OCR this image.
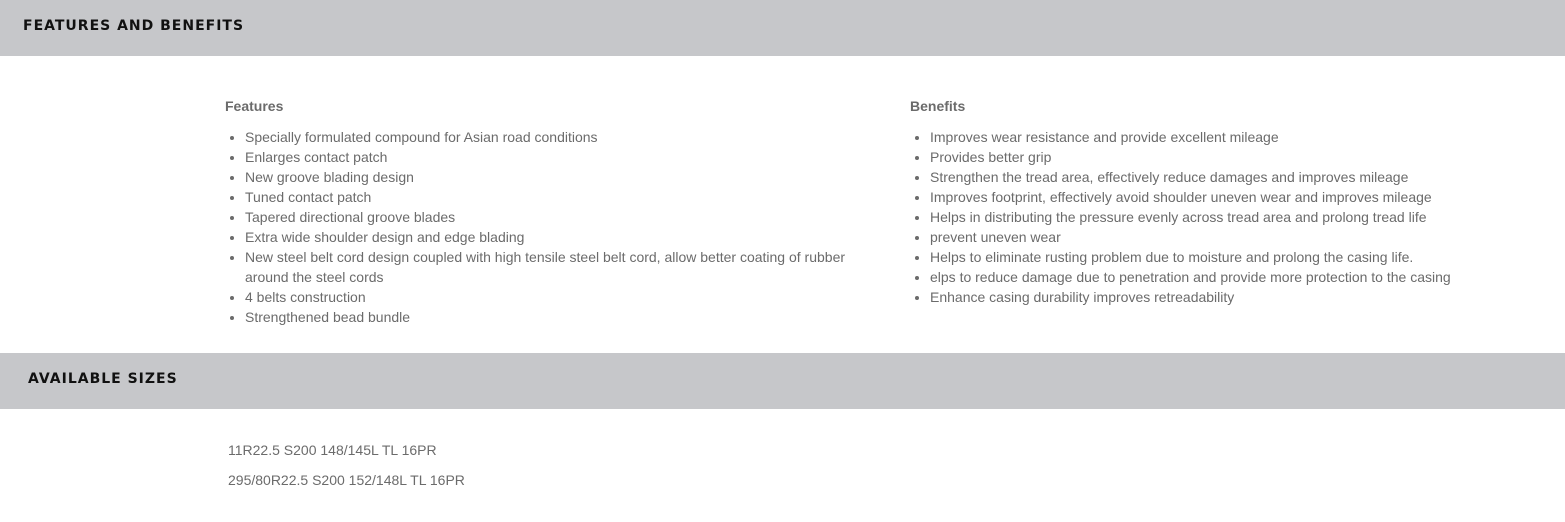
FEATURES AND BENEFITS
Features
• Specially formulated compound for Asian road conditions
• Enlarges contact patch
• New groove blading design
• Tuned contact patch
• Tapered directional groove blades
• Extra wide shoulder design and edge blading
• New steel belt cord design coupled with high tensile steel belt cord, allow better coating of rubber around the steel cords
• 4 belts construction
• Strengthened bead bundle
Benefits
• Improves wear resistance and provide excellent mileage
• Provides better grip
• Strengthen the tread area, effectively reduce damages and improves mileage
• Improves footprint, effectively avoid shoulder uneven wear and improves mileage
• Helps in distributing the pressure evenly across tread area and prolong tread life
• prevent uneven wear
• Helps to eliminate rusting problem due to moisture and prolong the casing life.
• elps to reduce damage due to penetration and provide more protection to the casing
• Enhance casing durability improves retreadability
AVAILABLE SIZES
11R22.5 S200 148/145L TL 16PR
295/80R22.5 S200 152/148L TL 16PR
